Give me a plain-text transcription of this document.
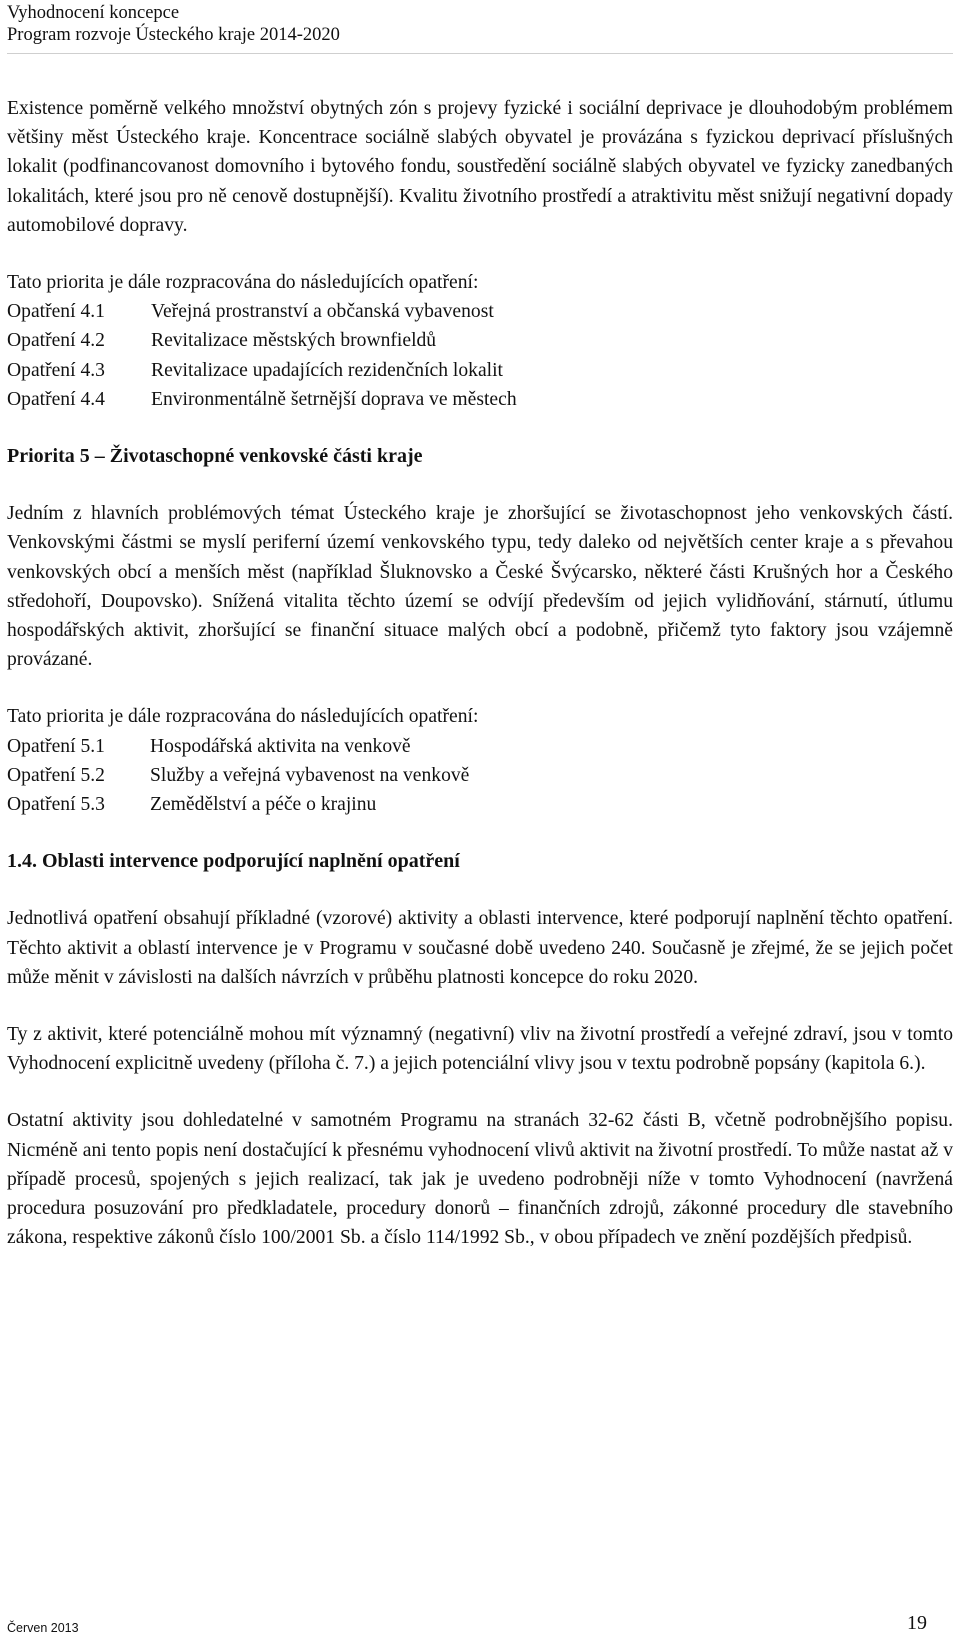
Vyhodnocení koncepce
Program rozvoje Ústeckého kraje 2014-2020

Existence poměrně velkého množství obytných zón s projevy fyzické i sociální deprivace je dlouhodobým problémem většiny měst Ústeckého kraje. Koncentrace sociálně slabých obyvatel je provázána s fyzickou deprivací příslušných lokalit (podfinancovanost domovního i bytového fondu, soustředění sociálně slabých obyvatel ve fyzicky zanedbaných lokalitách, které jsou pro ně cenově dostupnější). Kvalitu životního prostředí a atraktivitu měst snižují negativní dopady automobilové dopravy.

Tato priorita je dále rozpracována do následujících opatření:

Opatření 4.1	Veřejná prostranství a občanská vybavenost
Opatření 4.2	Revitalizace městských brownfieldů
Opatření 4.3	Revitalizace upadajících rezidenčních lokalit
Opatření 4.4	Environmentálně šetrnější doprava ve městech

Priorita 5 – Životaschopné venkovské části kraje

Jedním z hlavních problémových témat Ústeckého kraje je zhoršující se životaschopnost jeho venkovských částí. Venkovskými částmi se myslí periferní území venkovského typu, tedy daleko od největších center kraje a s převahou venkovských obcí a menších měst (například Šluknovsko a České Švýcarsko, některé části Krušných hor a Českého středohoří, Doupovsko). Snížená vitalita těchto území se odvíjí především od jejich vylidňování, stárnutí, útlumu hospodářských aktivit, zhoršující se finanční situace malých obcí a podobně, přičemž tyto faktory jsou vzájemně provázané.

Tato priorita je dále rozpracována do následujících opatření:

Opatření 5.1	Hospodářská aktivita na venkově
Opatření 5.2	Služby a veřejná vybavenost na venkově
Opatření 5.3	Zemědělství a péče o krajinu

1.4. Oblasti intervence podporující naplnění opatření

Jednotlivá opatření obsahují příkladné (vzorové) aktivity a oblasti intervence, které podporují naplnění těchto opatření. Těchto aktivit a oblastí intervence je v Programu v současné době uvedeno 240. Současně je zřejmé, že se jejich počet může měnit v závislosti na dalších návrzích v průběhu platnosti koncepce do roku 2020.

Ty z aktivit, které potenciálně mohou mít významný (negativní) vliv na životní prostředí a veřejné zdraví, jsou v tomto Vyhodnocení explicitně uvedeny (příloha č. 7.) a jejich potenciální vlivy jsou v textu podrobně popsány (kapitola 6.).

Ostatní aktivity jsou dohledatelné v samotném Programu na stranách 32-62 části B, včetně podrobnějšího popisu. Nicméně ani tento popis není dostačující k přesnému vyhodnocení vlivů aktivit na životní prostředí. To může nastat až v případě procesů, spojených s jejich realizací, tak jak je uvedeno podrobněji níže v tomto Vyhodnocení (navržená procedura posuzování pro předkladatele, procedury donorů – finančních zdrojů, zákonné procedury dle stavebního zákona, respektive zákonů číslo 100/2001 Sb. a číslo 114/1992 Sb., v obou případech ve znění pozdějších předpisů.

Červen 2013	19
